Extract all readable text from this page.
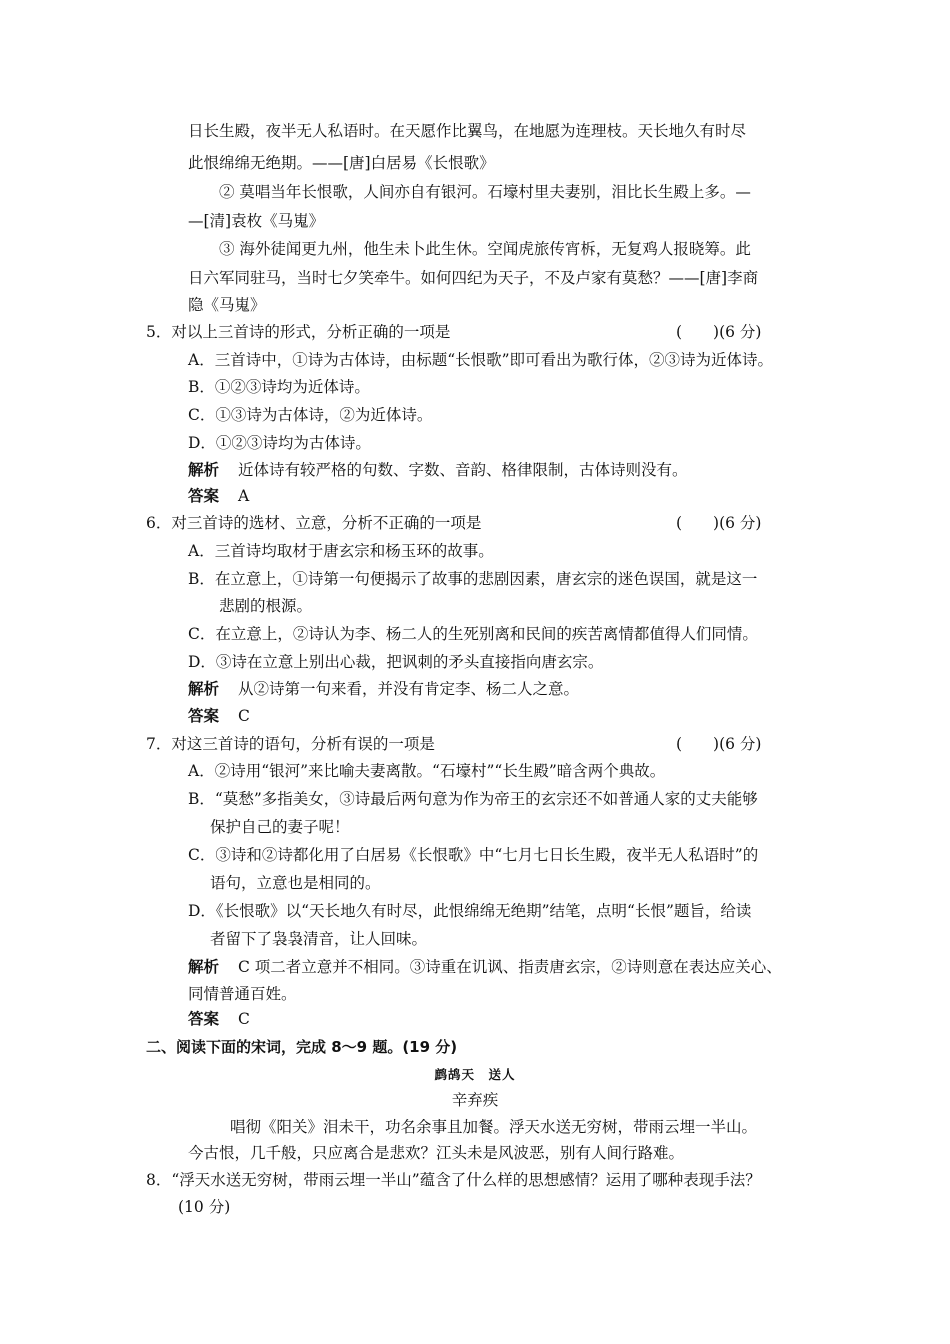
日长生殿，夜半无人私语时。在天愿作比翼鸟，在地愿为连理枝。天长地久有时尽
此恨绵绵无绝期。——[唐]白居易《长恨歌》
② 莫唱当年长恨歌，人间亦自有银河。石壕村里夫妻别，泪比长生殿上多。—
—[清]袁枚《马嵬》
③ 海外徒闻更九州，他生未卜此生休。空闻虎旅传宵柝，无复鸡人报晓筹。此
日六军同驻马，当时七夕笑牵牛。如何四纪为天子，不及卢家有莫愁？——[唐]李商
隐《马嵬》
5．对以上三首诗的形式，分析正确的一项是	(　　)(6 分)
A．三首诗中，①诗为古体诗，由标题“长恨歌”即可看出为歌行体，②③诗为近体诗。
B．①②③诗均为近体诗。
C．①③诗为古体诗，②为近体诗。
D．①②③诗均为古体诗。
解析 近体诗有较严格的句数、字数、音韵、格律限制，古体诗则没有。
答案 A
6．对三首诗的选材、立意，分析不正确的一项是	(　　)(6 分)
A．三首诗均取材于唐玄宗和杨玉环的故事。
B．在立意上，①诗第一句便揭示了故事的悲剧因素，唐玄宗的迷色误国，就是这一
悲剧的根源。
C．在立意上，②诗认为李、杨二人的生死别离和民间的疾苦离情都值得人们同情。
D．③诗在立意上别出心裁，把讽刺的矛头直接指向唐玄宗。
解析 从②诗第一句来看，并没有肯定李、杨二人之意。
答案 C
7．对这三首诗的语句，分析有误的一项是	(　　)(6 分)
A．②诗用“银河”来比喻夫妻离散。“石壕村”“长生殿”暗含两个典故。
B．“莫愁”多指美女，③诗最后两句意为作为帝王的玄宗还不如普通人家的丈夫能够
保护自己的妻子呢！
C．③诗和②诗都化用了白居易《长恨歌》中“七月七日长生殿，夜半无人私语时”的
语句，立意也是相同的。
D．《长恨歌》以“天长地久有时尽，此恨绵绵无绝期”结笔，点明“长恨”题旨，给读
者留下了袅袅清音，让人回味。
解析 C 项二者立意并不相同。③诗重在讥讽、指责唐玄宗，②诗则意在表达应关心、
同情普通百姓。
答案 C
二、阅读下面的宋词，完成 8～9 题。(19 分)
鹧鸪天　送人
辛弃疾
唱彻《阳关》泪未干，功名余事且加餐。浮天水送无穷树，带雨云埋一半山。
今古恨，几千般，只应离合是悲欢？江头未是风波恶，别有人间行路难。
8．“浮天水送无穷树，带雨云埋一半山”蕴含了什么样的思想感情？运用了哪种表现手法？
(10 分)
